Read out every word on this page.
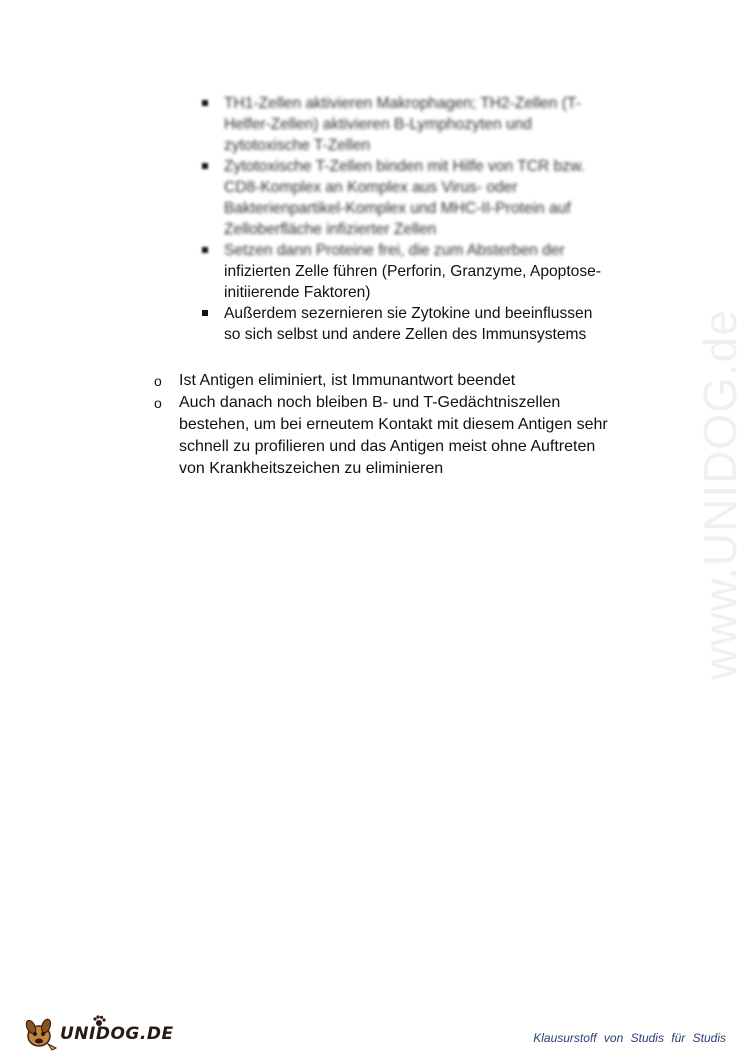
www.UNIDOG.de
TH1-Zellen aktivieren Makrophagen; TH2-Zellen (T-
Helfer-Zellen) aktivieren B-Lymphozyten und
zytotoxische T-Zellen
Zytotoxische T-Zellen binden mit Hilfe von TCR bzw.
CD8-Komplex an Komplex aus Virus- oder
Bakterienpartikel-Komplex und MHC-II-Protein auf
Zelloberfläche infizierter Zellen
Setzen dann Proteine frei, die zum Absterben der
infizierten Zelle führen (Perforin, Granzyme, Apoptose-
initiierende Faktoren)
Außerdem sezernieren sie Zytokine und beeinflussen
so sich selbst und andere Zellen des Immunsystems
o Ist Antigen eliminiert, ist Immunantwort beendet
o Auch danach noch bleiben B- und T-Gedächtniszellen
bestehen, um bei erneutem Kontakt mit diesem Antigen sehr
schnell zu profilieren und das Antigen meist ohne Auftreten
von Krankheitszeichen zu eliminieren
UNIDOG.DE	Klausurstoff von Studis für Studis
